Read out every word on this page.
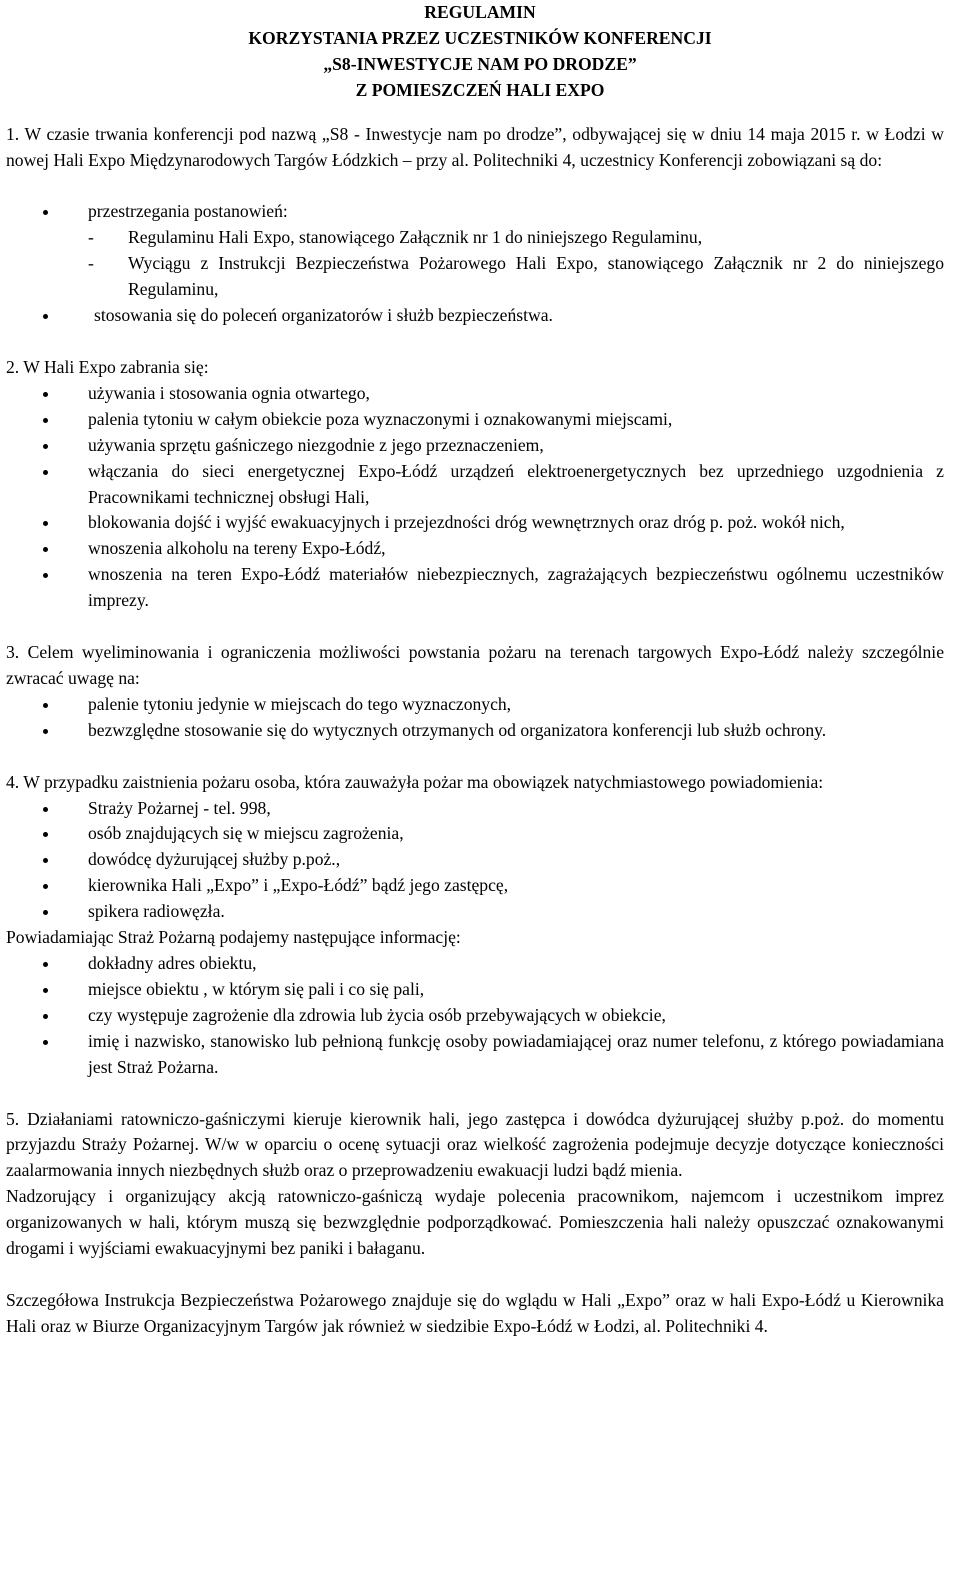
REGULAMIN
KORZYSTANIA PRZEZ UCZESTNIKÓW KONFERENCJI
„S8-INWESTYCJE NAM PO DRODZE”
Z POMIESZCZEŃ HALI EXPO

1. W czasie trwania konferencji pod nazwą „S8 - Inwestycje nam po drodze”, odbywającej się w dniu 14 maja 2015 r. w Łodzi w nowej Hali Expo Międzynarodowych Targów Łódzkich – przy al. Politechniki 4, uczestnicy Konferencji zobowiązani są do:

przestrzegania postanowień:
- Regulaminu Hali Expo, stanowiącego Załącznik nr 1 do niniejszego Regulaminu,
- Wyciągu z Instrukcji Bezpieczeństwa Pożarowego Hali Expo, stanowiącego Załącznik nr 2 do niniejszego Regulaminu,
stosowania się do poleceń organizatorów i służb bezpieczeństwa.

2. W Hali Expo zabrania się:

używania i stosowania ognia otwartego,
palenia tytoniu w całym obiekcie poza wyznaczonymi i oznakowanymi miejscami,
używania sprzętu gaśniczego niezgodnie z jego przeznaczeniem,
włączania do sieci energetycznej Expo-Łódź urządzeń elektroenergetycznych bez uprzedniego uzgodnienia z Pracownikami technicznej obsługi Hali,
blokowania dojść i wyjść ewakuacyjnych i przejezdności dróg wewnętrznych oraz dróg p. poż. wokół nich,
wnoszenia alkoholu na tereny Expo-Łódź,
wnoszenia na teren Expo-Łódź materiałów niebezpiecznych, zagrażających bezpieczeństwu ogólnemu uczestników imprezy.

3. Celem wyeliminowania i ograniczenia możliwości powstania pożaru na terenach targowych Expo-Łódź należy szczególnie zwracać uwagę na:

palenie tytoniu jedynie w miejscach do tego wyznaczonych,
bezwzględne stosowanie się do wytycznych otrzymanych od organizatora konferencji lub służb ochrony.

4. W przypadku zaistnienia pożaru osoba, która zauważyła pożar ma obowiązek natychmiastowego powiadomienia:

Straży Pożarnej - tel. 998,
osób znajdujących się w miejscu zagrożenia,
dowódcę dyżurującej służby p.poż.,
kierownika Hali „Expo” i „Expo-Łódź” bądź jego zastępcę,
spikera radiowęzła.

Powiadamiając Straż Pożarną podajemy następujące informację:

dokładny adres obiektu,
miejsce obiektu , w którym się pali i co się pali,
czy występuje zagrożenie dla zdrowia lub życia osób przebywających w obiekcie,
imię i nazwisko, stanowisko lub pełnioną funkcję osoby powiadamiającej oraz numer telefonu, z którego powiadamiana jest Straż Pożarna.

5. Działaniami ratowniczo-gaśniczymi kieruje kierownik hali, jego zastępca i dowódca dyżurującej służby p.poż. do momentu przyjazdu Straży Pożarnej. W/w w oparciu o ocenę sytuacji oraz wielkość zagrożenia podejmuje decyzje dotyczące konieczności zaalarmowania innych niezbędnych służb oraz o przeprowadzeniu ewakuacji ludzi bądź mienia.

Nadzorujący i organizujący akcją ratowniczo-gaśniczą wydaje polecenia pracownikom, najemcom i uczestnikom imprez organizowanych w hali, którym muszą się bezwzględnie podporządkować. Pomieszczenia hali należy opuszczać oznakowanymi drogami i wyjściami ewakuacyjnymi bez paniki i bałaganu.

Szczegółowa Instrukcja Bezpieczeństwa Pożarowego znajduje się do wglądu w Hali „Expo” oraz w hali Expo-Łódź u Kierownika Hali oraz w Biurze Organizacyjnym Targów jak również w siedzibie Expo-Łódź w Łodzi, al. Politechniki 4.
